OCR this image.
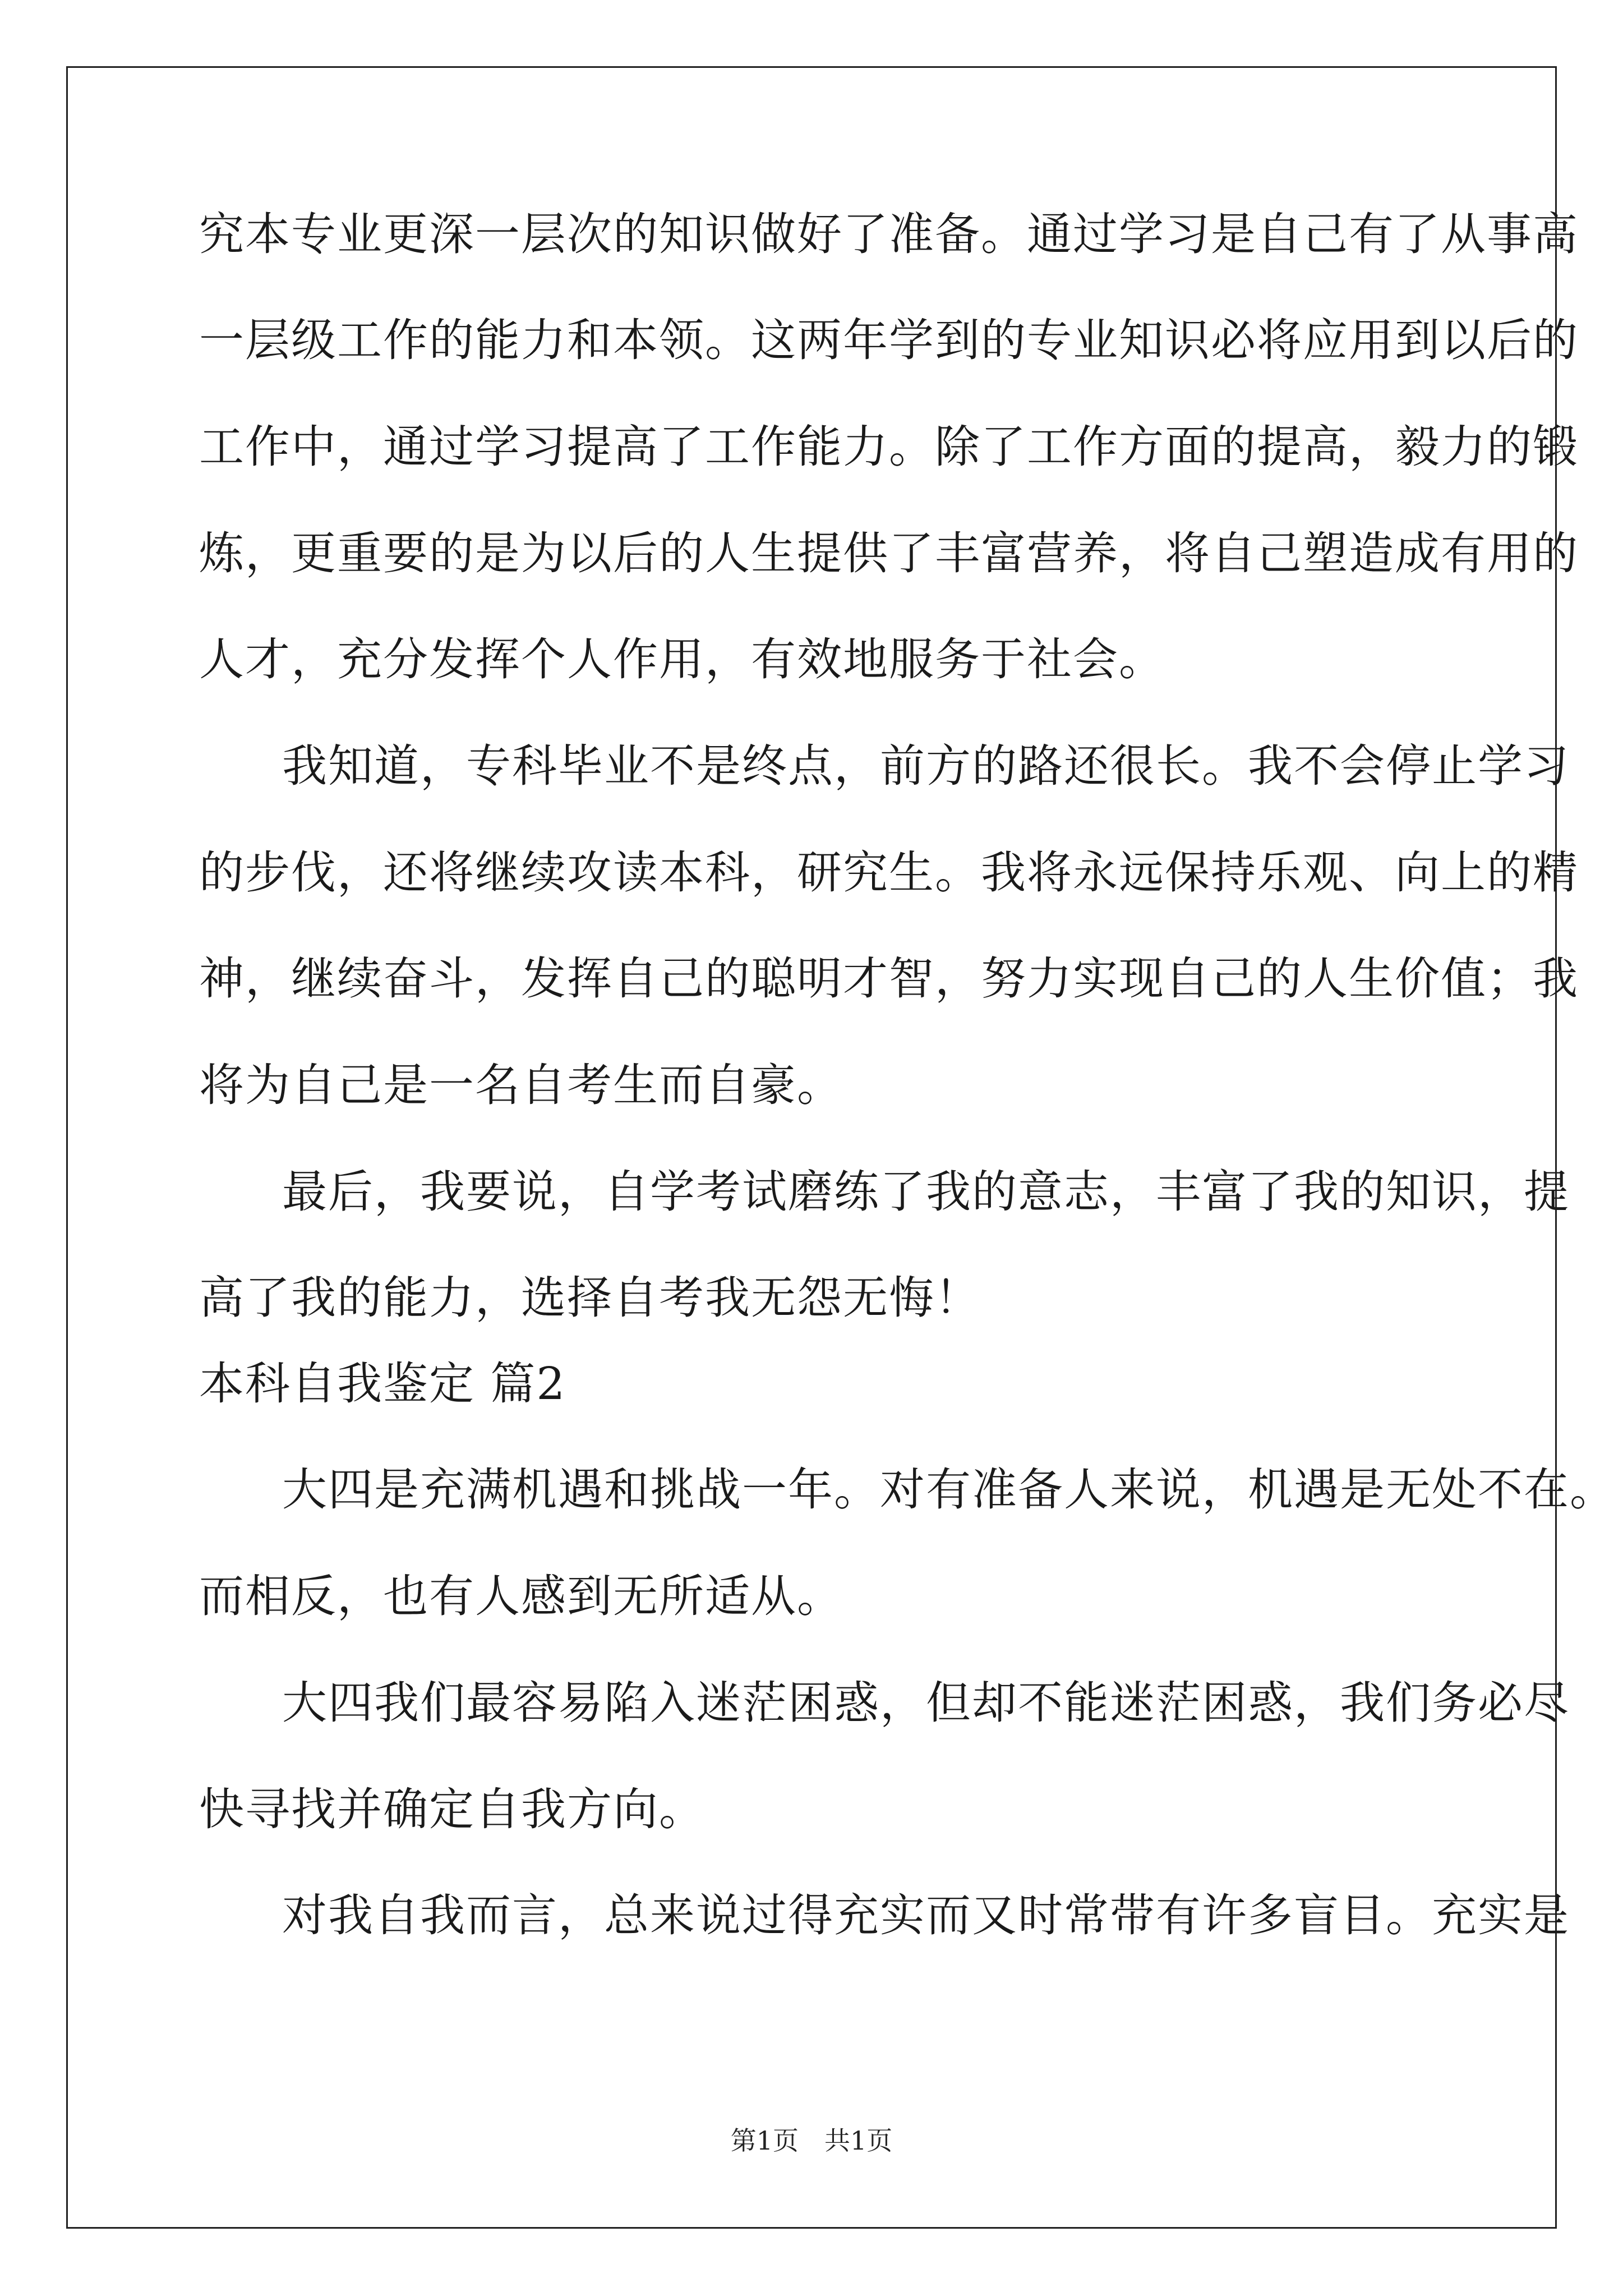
究本专业更深一层次的知识做好了准备。通过学习是自己有了从事高
一层级工作的能力和本领。这两年学到的专业知识必将应用到以后的
工作中，通过学习提高了工作能力。除了工作方面的提高，毅力的锻
炼，更重要的是为以后的人生提供了丰富营养，将自己塑造成有用的
人才，充分发挥个人作用，有效地服务于社会。
我知道，专科毕业不是终点，前方的路还很长。我不会停止学习
的步伐，还将继续攻读本科，研究生。我将永远保持乐观、向上的精
神，继续奋斗，发挥自己的聪明才智，努力实现自己的人生价值；我
将为自己是一名自考生而自豪。
最后，我要说，自学考试磨练了我的意志，丰富了我的知识，提
高了我的能力，选择自考我无怨无悔！
本科自我鉴定 篇2
大四是充满机遇和挑战一年。对有准备人来说，机遇是无处不在。
而相反，也有人感到无所适从。
大四我们最容易陷入迷茫困惑，但却不能迷茫困惑，我们务必尽
快寻找并确定自我方向。
对我自我而言，总来说过得充实而又时常带有许多盲目。充实是
第1页　共1页
